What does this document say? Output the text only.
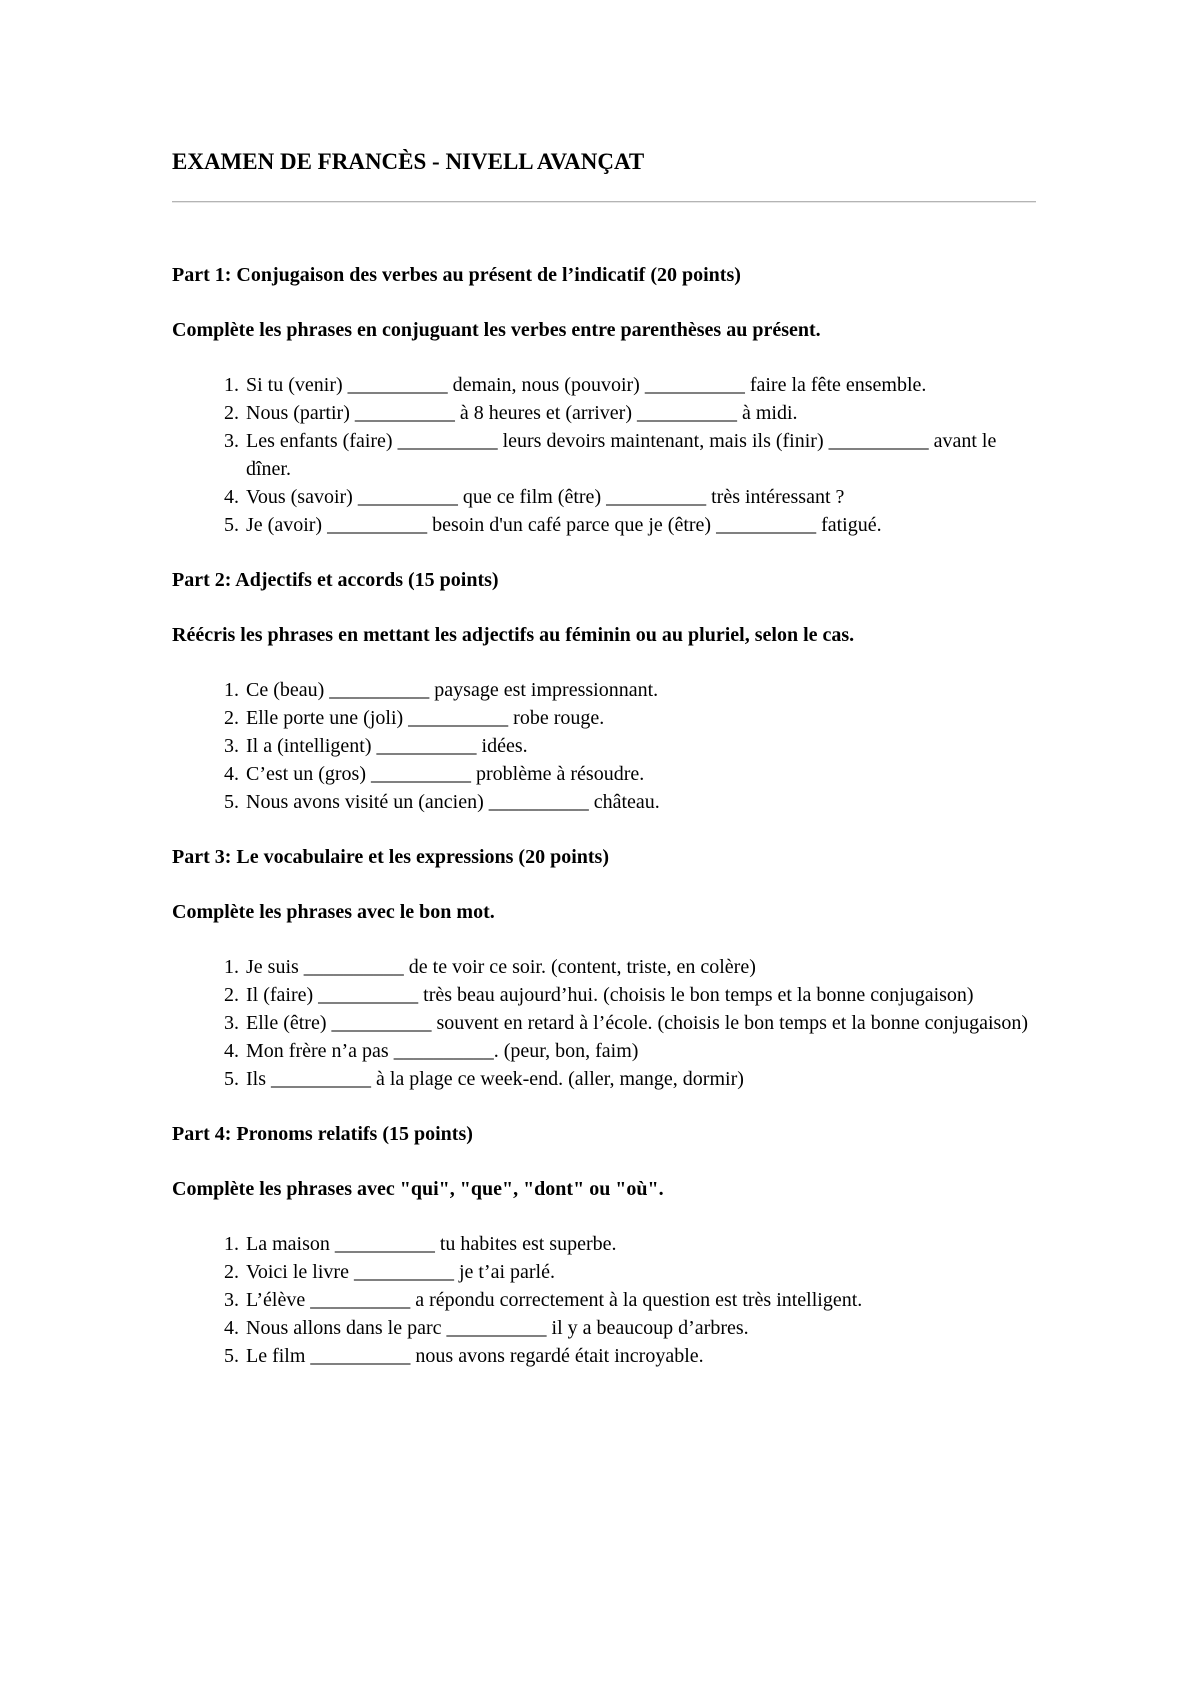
EXAMEN DE FRANCÈS - NIVELL AVANÇAT

Part 1: Conjugaison des verbes au présent de l’indicatif (20 points)

Complète les phrases en conjuguant les verbes entre parenthèses au présent.

1. Si tu (venir) __________ demain, nous (pouvoir) __________ faire la fête ensemble.
2. Nous (partir) __________ à 8 heures et (arriver) __________ à midi.
3. Les enfants (faire) __________ leurs devoirs maintenant, mais ils (finir) __________ avant le dîner.
4. Vous (savoir) __________ que ce film (être) __________ très intéressant ?
5. Je (avoir) __________ besoin d'un café parce que je (être) __________ fatigué.

Part 2: Adjectifs et accords (15 points)

Réécris les phrases en mettant les adjectifs au féminin ou au pluriel, selon le cas.

1. Ce (beau) __________ paysage est impressionnant.
2. Elle porte une (joli) __________ robe rouge.
3. Il a (intelligent) __________ idées.
4. C’est un (gros) __________ problème à résoudre.
5. Nous avons visité un (ancien) __________ château.

Part 3: Le vocabulaire et les expressions (20 points)

Complète les phrases avec le bon mot.

1. Je suis __________ de te voir ce soir. (content, triste, en colère)
2. Il (faire) __________ très beau aujourd’hui. (choisis le bon temps et la bonne conjugaison)
3. Elle (être) __________ souvent en retard à l’école. (choisis le bon temps et la bonne conjugaison)
4. Mon frère n’a pas __________. (peur, bon, faim)
5. Ils __________ à la plage ce week-end. (aller, mange, dormir)

Part 4: Pronoms relatifs (15 points)

Complète les phrases avec "qui", "que", "dont" ou "où".

1. La maison __________ tu habites est superbe.
2. Voici le livre __________ je t’ai parlé.
3. L’élève __________ a répondu correctement à la question est très intelligent.
4. Nous allons dans le parc __________ il y a beaucoup d’arbres.
5. Le film __________ nous avons regardé était incroyable.
